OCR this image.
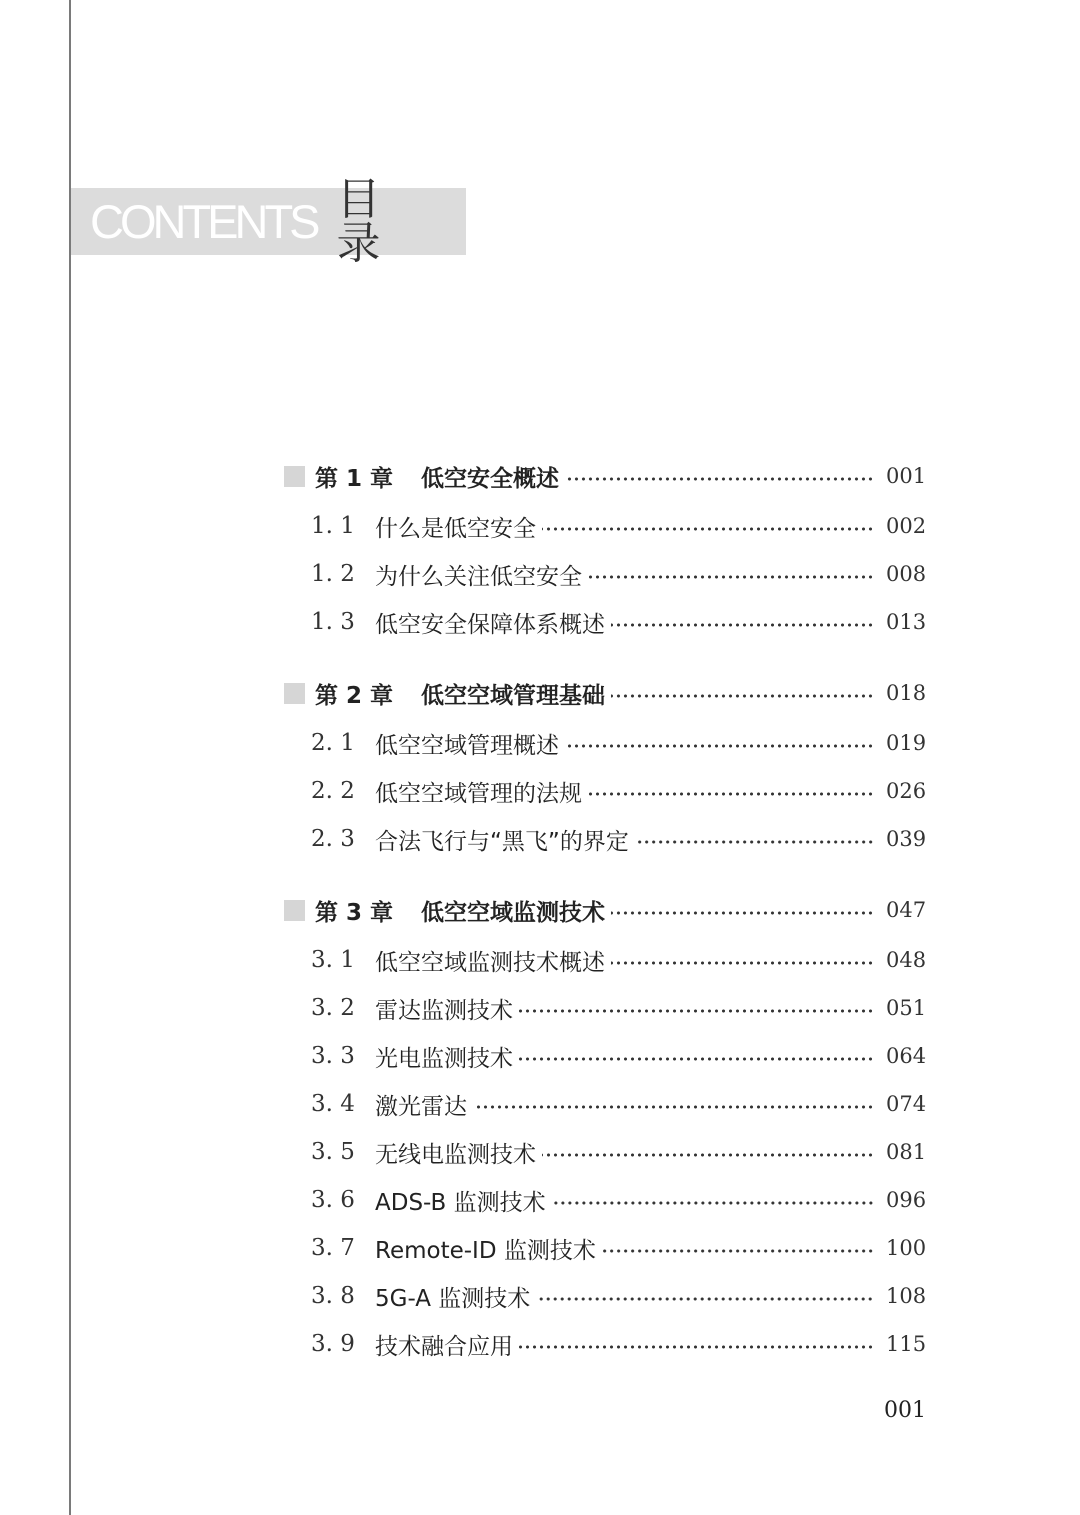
CONTENTS 目 录
第 1 章 低空安全概述	001
1. 1 什么是低空安全	002
1. 2 为什么关注低空安全	008
1. 3 低空安全保障体系概述	013
第 2 章 低空空域管理基础	018
2. 1 低空空域管理概述	019
2. 2 低空空域管理的法规	026
2. 3 合法飞行与“黑飞”的界定	039
第 3 章 低空空域监测技术	047
3. 1 低空空域监测技术概述	048
3. 2 雷达监测技术	051
3. 3 光电监测技术	064
3. 4 激光雷达	074
3. 5 无线电监测技术	081
3. 6 ADS-B 监测技术	096
3. 7 Remote-ID 监测技术	100
3. 8 5G-A 监测技术	108
3. 9 技术融合应用	115
001
